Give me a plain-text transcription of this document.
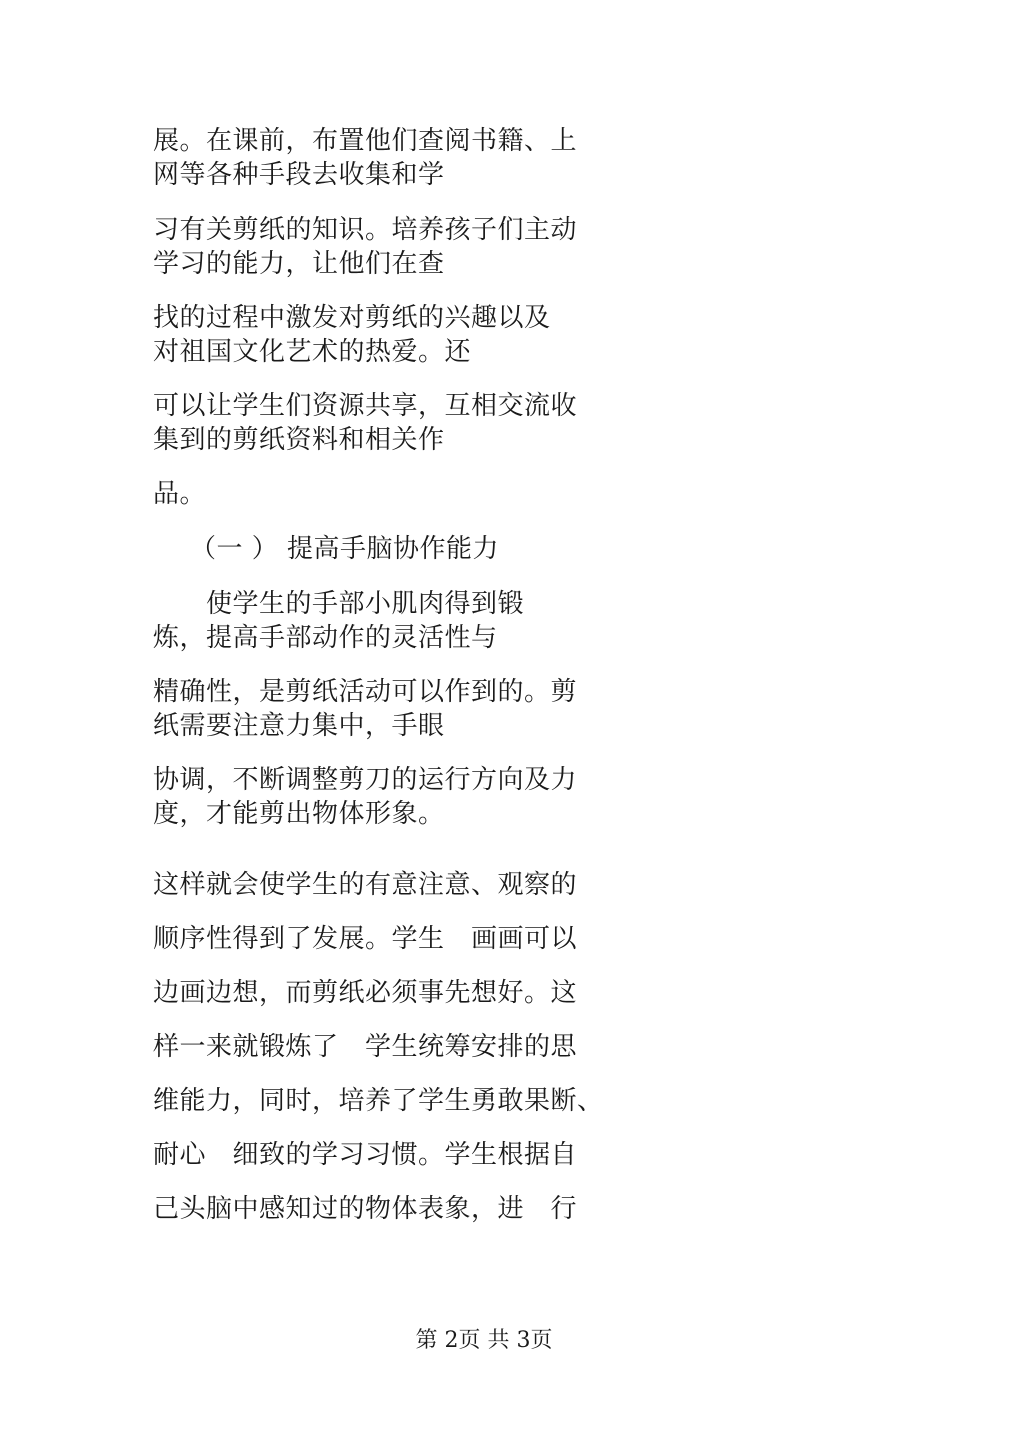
展。在课前，布置他们查阅书籍、上
网等各种手段去收集和学
习有关剪纸的知识。培养孩子们主动
学习的能力，让他们在查
找的过程中激发对剪纸的兴趣以及
对祖国文化艺术的热爱。还
可以让学生们资源共享，互相交流收
集到的剪纸资料和相关作
品。
（一 ） 提高手脑协作能力
使学生的手部小肌肉得到锻
炼，提高手部动作的灵活性与
精确性，是剪纸活动可以作到的。剪
纸需要注意力集中，手眼
协调，不断调整剪刀的运行方向及力
度，才能剪出物体形象。
这样就会使学生的有意注意、观察的
顺序性得到了发展。学生　画画可以
边画边想，而剪纸必须事先想好。这
样一来就锻炼了　学生统筹安排的思
维能力，同时，培养了学生勇敢果断、
耐心　细致的学习习惯。学生根据自
己头脑中感知过的物体表象，进　行
第 2页 共 3页
